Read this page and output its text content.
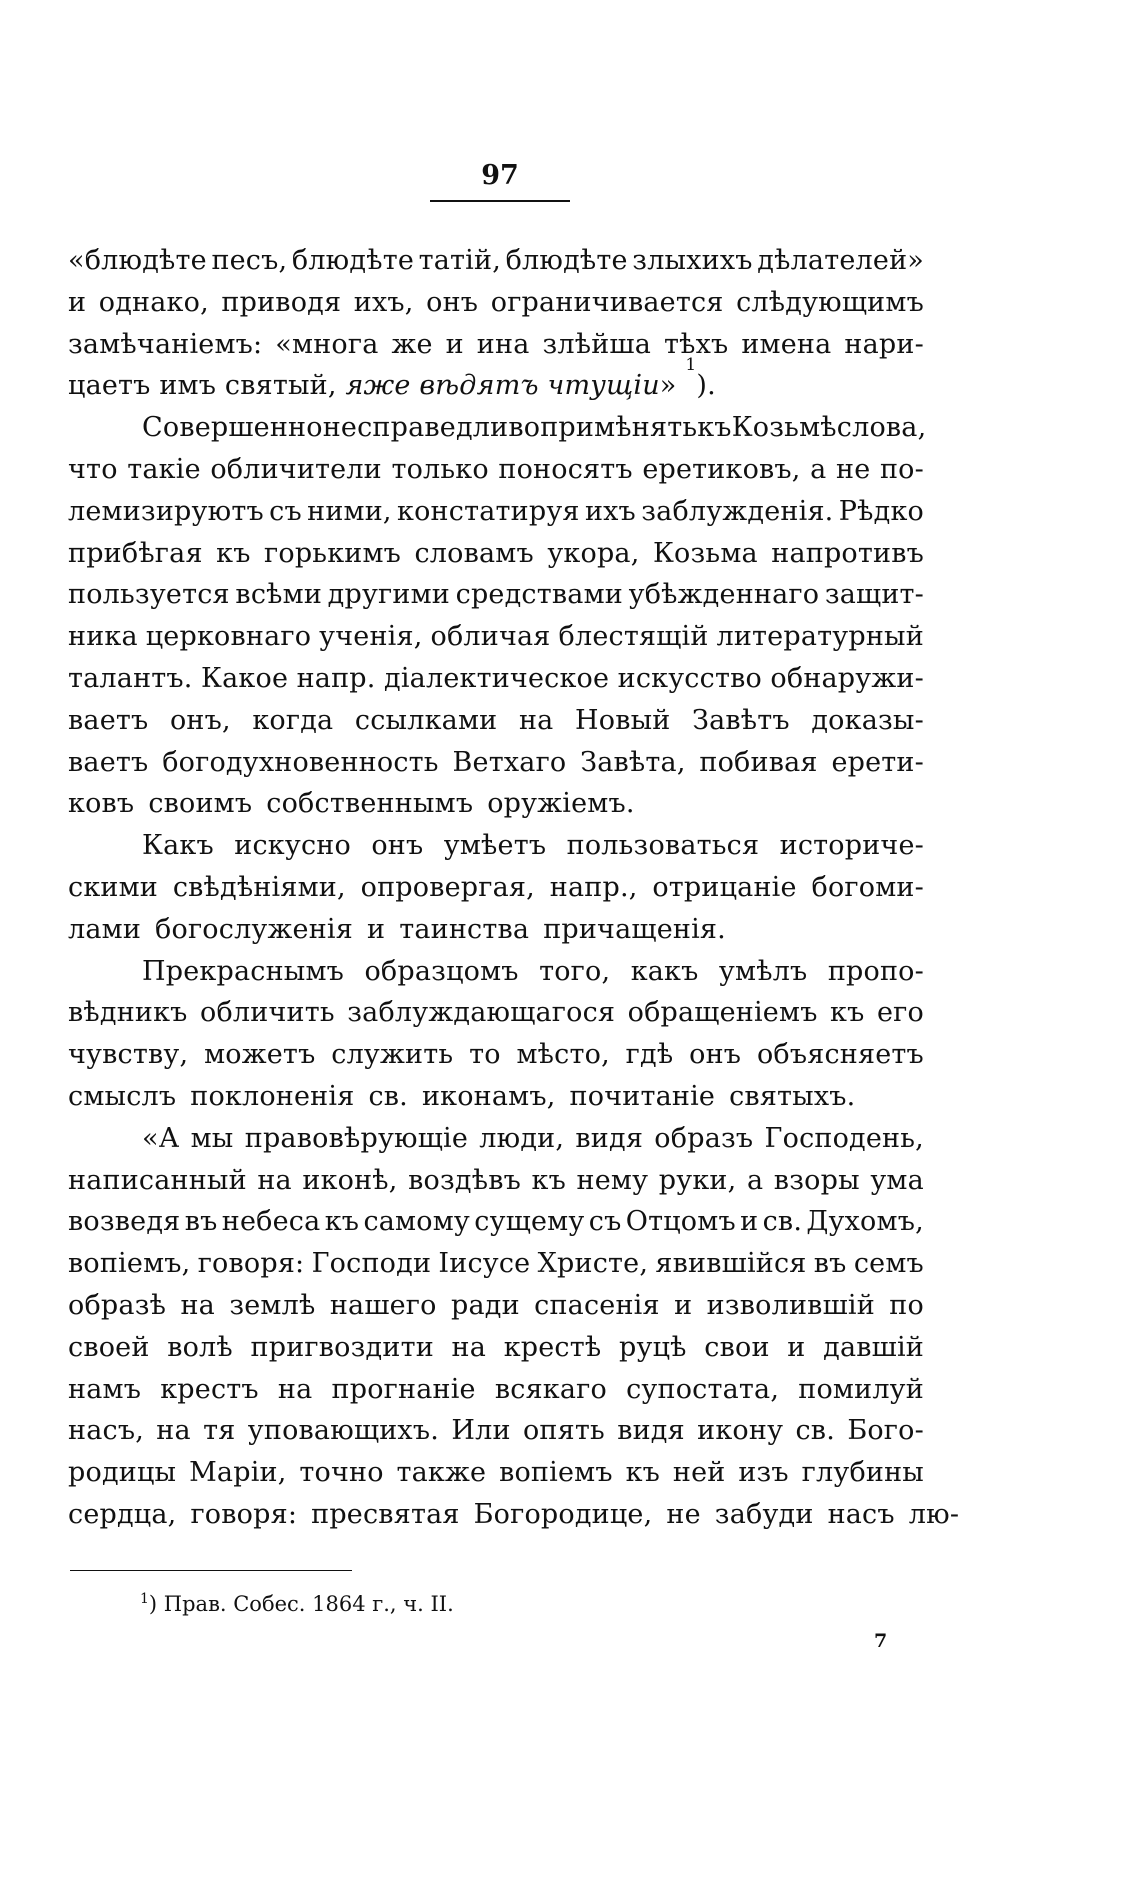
97
«блюдѣте песъ, блюдѣте татій, блюдѣте злыхихъ дѣлателей»
и однако, приводя ихъ, онъ ограничивается слѣдующимъ
замѣчаніемъ: «многа же и ина злѣйша тѣхъ имена нари-
цаетъ имъ святый, яже вѣдятъ чтущіи »
1
).
Совершенно несправедливо примѣнять къ Козьмѣ слова,
что такіе обличители только поносятъ еретиковъ, а не по-
лемизируютъ съ ними, констатируя ихъ заблужденія. Рѣдко
прибѣгая къ горькимъ словамъ укора, Козьма напротивъ
пользуется всѣми другими средствами убѣжденнаго защит-
ника церковнаго ученія, обличая блестящій литературный
талантъ. Какое напр. діалектическое искусство обнаружи-
ваетъ онъ, когда ссылками на Новый Завѣтъ доказы-
ваетъ богодухновенность Ветхаго Завѣта, побивая ерети-
ковъ своимъ собственнымъ оружіемъ.
Какъ искусно онъ умѣетъ пользоваться историче-
скими свѣдѣніями, опровергая, напр., отрицаніе богоми-
лами богослуженія и таинства причащенія.
Прекраснымъ образцомъ того, какъ умѣлъ пропо-
вѣдникъ обличить заблуждающагося обращеніемъ къ его
чувству, можетъ служить то мѣсто, гдѣ онъ объясняетъ
смыслъ поклоненія св. иконамъ, почитаніе святыхъ.
«А мы правовѣрующіе люди, видя образъ Господень,
написанный на иконѣ, воздѣвъ къ нему руки, а взоры ума
возведя въ небеса къ самому сущему съ Отцомъ и св. Духомъ,
вопіемъ, говоря: Господи Іисусе Христе, явившійся въ семъ
образѣ на землѣ нашего ради спасенія и изволившій по
своей волѣ пригвоздити на крестѣ руцѣ свои и давшій
намъ крестъ на прогнаніе всякаго супостата, помилуй
насъ, на тя уповающихъ. Или опять видя икону св. Бого-
родицы Маріи, точно также вопіемъ къ ней изъ глубины
сердца, говоря: пресвятая Богородице, не забуди насъ лю-
$^1$) Прав. Собес. 1864 г., ч. II.
7
